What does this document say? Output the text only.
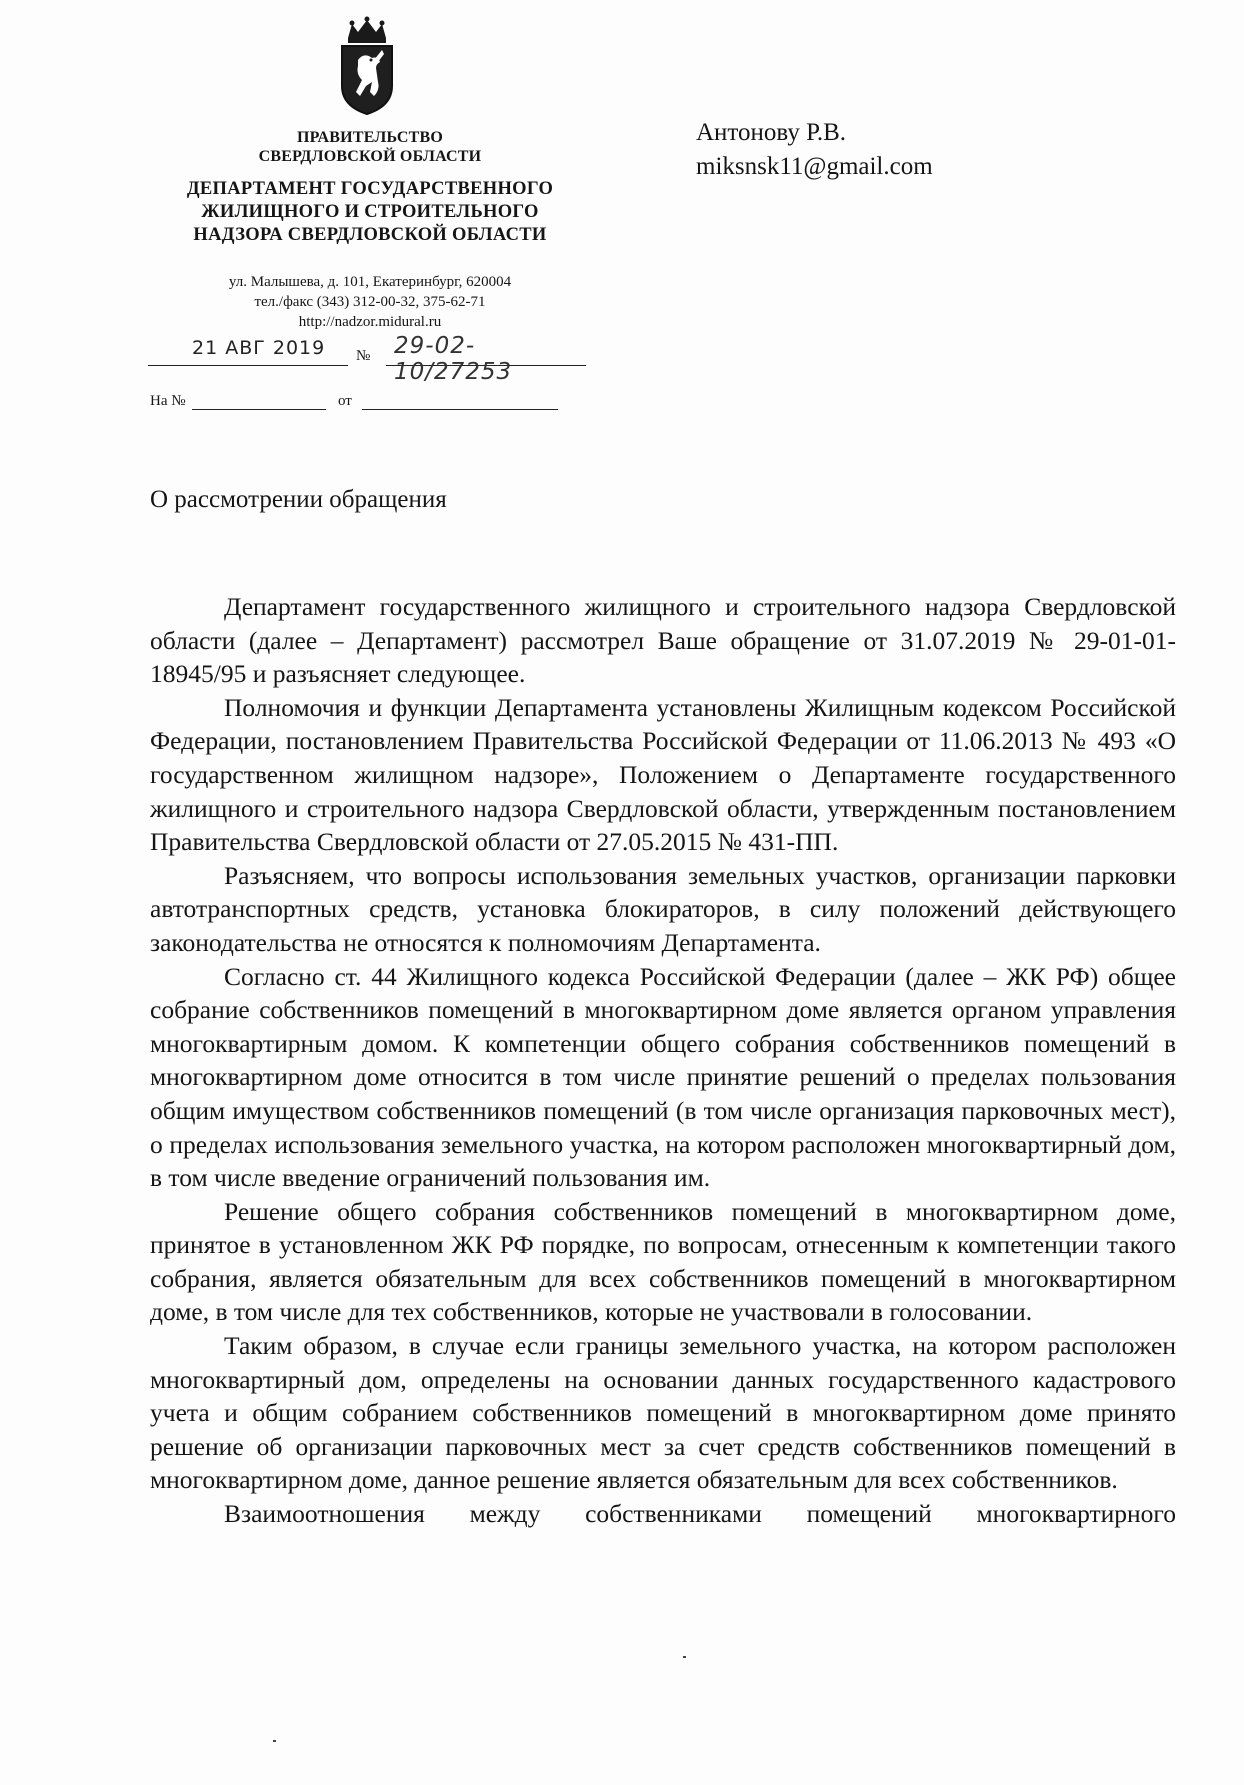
ПРАВИТЕЛЬСТВО
СВЕРДЛОВСКОЙ ОБЛАСТИ
ДЕПАРТАМЕНТ ГОСУДАРСТВЕННОГО
ЖИЛИЩНОГО И СТРОИТЕЛЬНОГО
НАДЗОРА СВЕРДЛОВСКОЙ ОБЛАСТИ
ул. Малышева, д. 101, Екатеринбург, 620004
тел./факс (343) 312-00-32, 375-62-71
http://nadzor.midural.ru
21 АВГ 2019 № 29-02-10/27253
На №	от
Антонову Р.В.
miksnsk11@gmail.com
О рассмотрении обращения

Департамент государственного жилищного и строительного надзора Свердловской области (далее – Департамент) рассмотрел Ваше обращение от 31.07.2019 № 29-01-01-18945/95 и разъясняет следующее.

Полномочия и функции Департамента установлены Жилищным кодексом Российской Федерации, постановлением Правительства Российской Федерации от 11.06.2013 № 493 «О государственном жилищном надзоре», Положением о Департаменте государственного жилищного и строительного надзора Свердловской области, утвержденным постановлением Правительства Свердловской области от 27.05.2015 № 431-ПП.

Разъясняем, что вопросы использования земельных участков, организации парковки автотранспортных средств, установка блокираторов, в силу положений действующего законодательства не относятся к полномочиям Департамента.

Согласно ст. 44 Жилищного кодекса Российской Федерации (далее – ЖК РФ) общее собрание собственников помещений в многоквартирном доме является органом управления многоквартирным домом. К компетенции общего собрания собственников помещений в многоквартирном доме относится в том числе принятие решений о пределах пользования общим имуществом собственников помещений (в том числе организация парковочных мест), о пределах использования земельного участка, на котором расположен многоквартирный дом, в том числе введение ограничений пользования им.

Решение общего собрания собственников помещений в многоквартирном доме, принятое в установленном ЖК РФ порядке, по вопросам, отнесенным к компетенции такого собрания, является обязательным для всех собственников помещений в многоквартирном доме, в том числе для тех собственников, которые не участвовали в голосовании.

Таким образом, в случае если границы земельного участка, на котором расположен многоквартирный дом, определены на основании данных государственного кадастрового учета и общим собранием собственников помещений в многоквартирном доме принято решение об организации парковочных мест за счет средств собственников помещений в многоквартирном доме, данное решение является обязательным для всех собственников.

Взаимоотношения между собственниками помещений многоквартирного
